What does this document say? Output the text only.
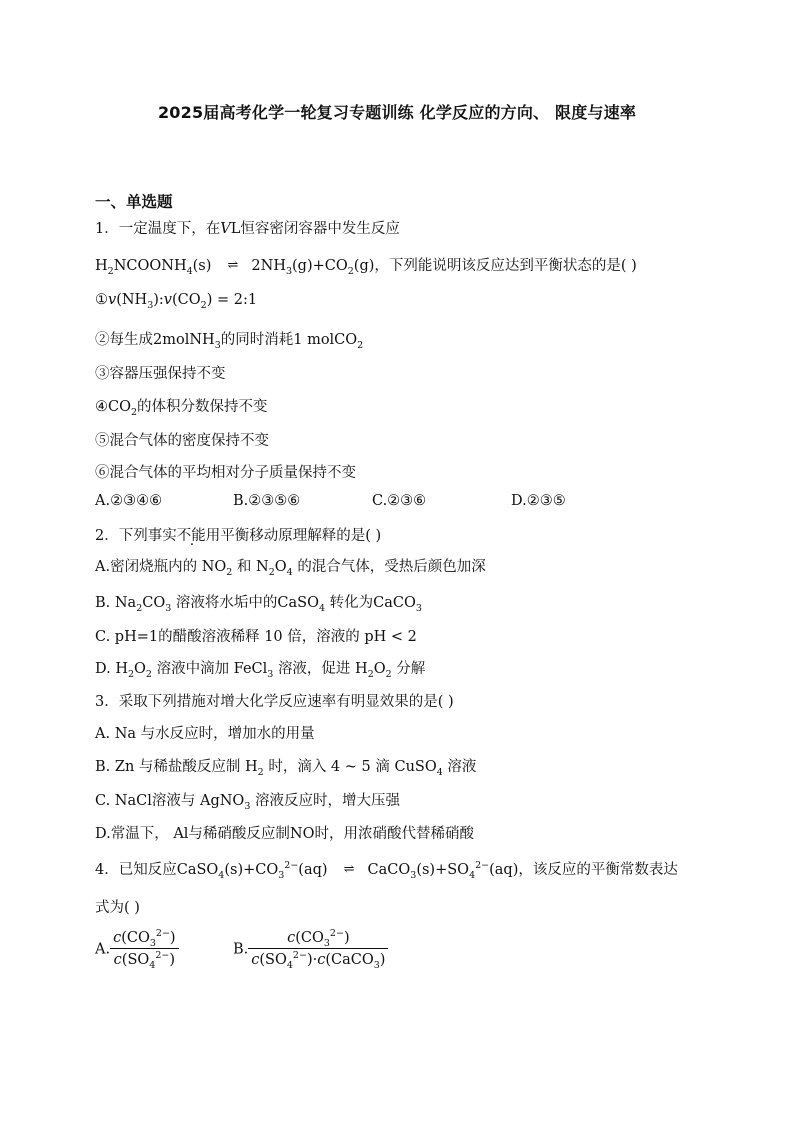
2025届高考化学一轮复习专题训练 化学反应的方向、 限度与速率
一、单选题
1．一定温度下，在VL恒容密闭容器中发生反应
$H_2NCOONH_4(s)$ ⇌ $2NH_3(g)+CO_2(g)$，下列能说明该反应达到平衡状态的是( )
$①v(NH_3):v(CO_2)$ = 2:1
②每生成2molNH$_3$的同时消耗1 molCO$_2$
③容器压强保持不变
$④CO_2$的体积分数保持不变
⑤混合气体的密度保持不变
⑥混合气体的平均相对分子质量保持不变
A.②③④⑥	B.②③⑤⑥	C.②③⑥	D.②③⑤
2．下列事实不能用平衡移动原理解释的是( )
A.密闭烧瓶内的 $NO_2$ 和 $N_2O_4$ 的混合气体，受热后颜色加深
B. $Na_2CO_3$ 溶液将水垢中的CaSO$_4$ 转化为CaCO$_3$
C. pH=1的醋酸溶液稀释 10 倍，溶液的 pH < 2
D. $H_2O_2$ 溶液中滴加 FeCl$_3$ 溶液，促进 $H_2O_2$ 分解
3．采取下列措施对增大化学反应速率有明显效果的是( )
A. Na 与水反应时，增加水的用量
B. Zn 与稀盐酸反应制 $H_2$ 时，滴入 4 ~ 5 滴 CuSO$_4$ 溶液
C. NaCl溶液与 AgNO$_3$ 溶液反应时，增大压强
D.常温下， Al与稀硝酸反应制NO时，用浓硝酸代替稀硝酸
4．已知反应$CaSO_4(s)+CO_3^{2-}(aq)$ ⇌ $CaCO_3(s)+SO_4^{2-}(aq)$，该反应的平衡常数表达
式为( )
A. $\frac{c(CO_3^{2-})}{c(SO_4^{2-})}$	B. $\frac{c(CO_3^{2-})}{c(SO_4^{2-})\cdot c(CaCO_3)}$
